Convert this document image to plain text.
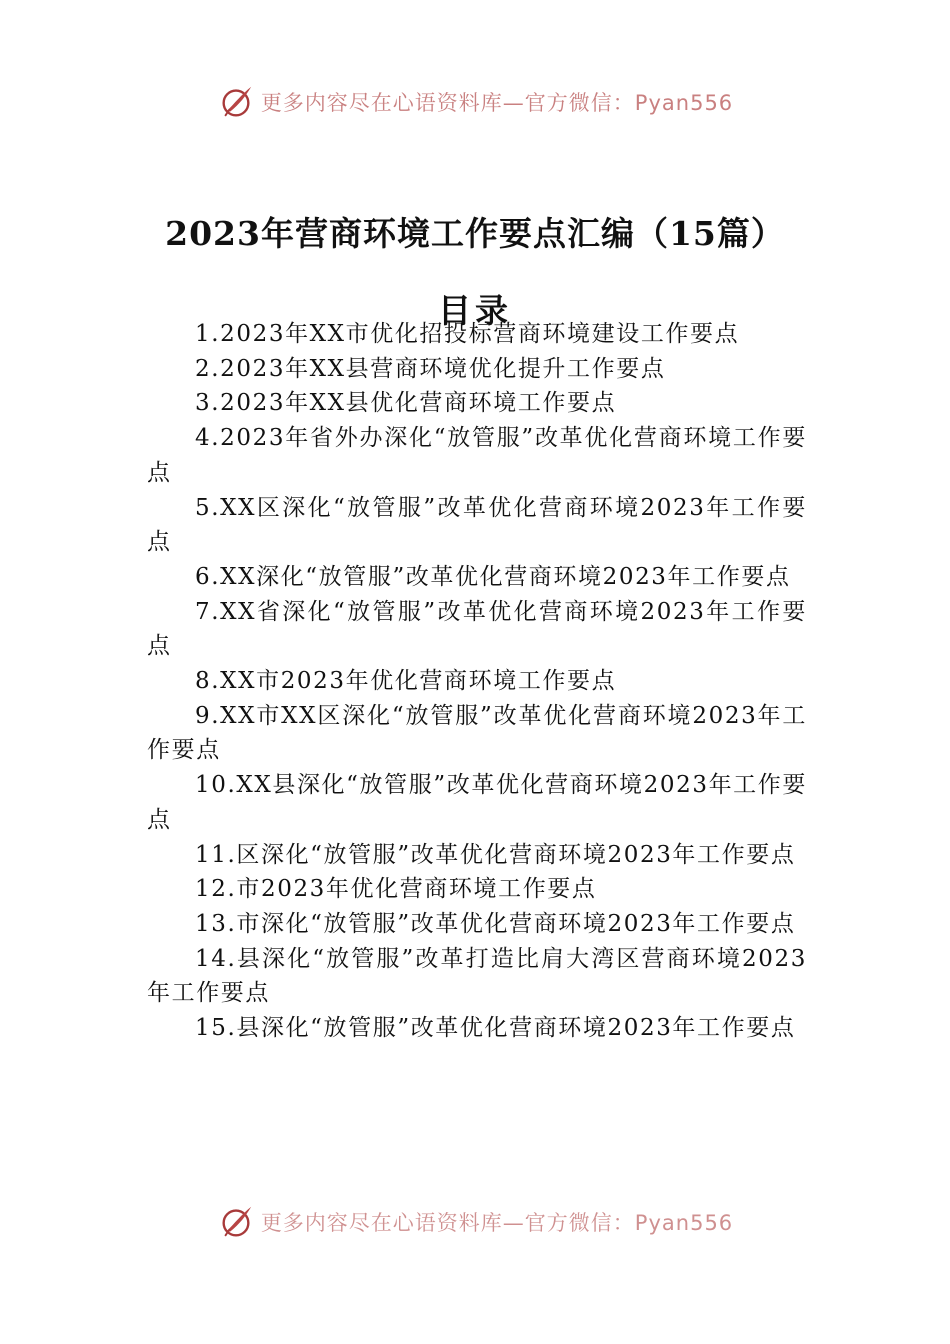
更多内容尽在心语资料库—官方微信：Pyan556
2023年营商环境工作要点汇编（15篇）
目录
1.2023年XX市优化招投标营商环境建设工作要点
2.2023年XX县营商环境优化提升工作要点
3.2023年XX县优化营商环境工作要点
4.2023年省外办深化“放管服”改革优化营商环境工作要点
5.XX区深化“放管服”改革优化营商环境2023年工作要点
6.XX深化“放管服”改革优化营商环境2023年工作要点
7.XX省深化“放管服”改革优化营商环境2023年工作要点
8.XX市2023年优化营商环境工作要点
9.XX市XX区深化“放管服”改革优化营商环境2023年工作要点
10.XX县深化“放管服”改革优化营商环境2023年工作要点
11.区深化“放管服”改革优化营商环境2023年工作要点
12.市2023年优化营商环境工作要点
13.市深化“放管服”改革优化营商环境2023年工作要点
14.县深化“放管服”改革打造比肩大湾区营商环境2023年工作要点
15.县深化“放管服”改革优化营商环境2023年工作要点
更多内容尽在心语资料库—官方微信：Pyan556
